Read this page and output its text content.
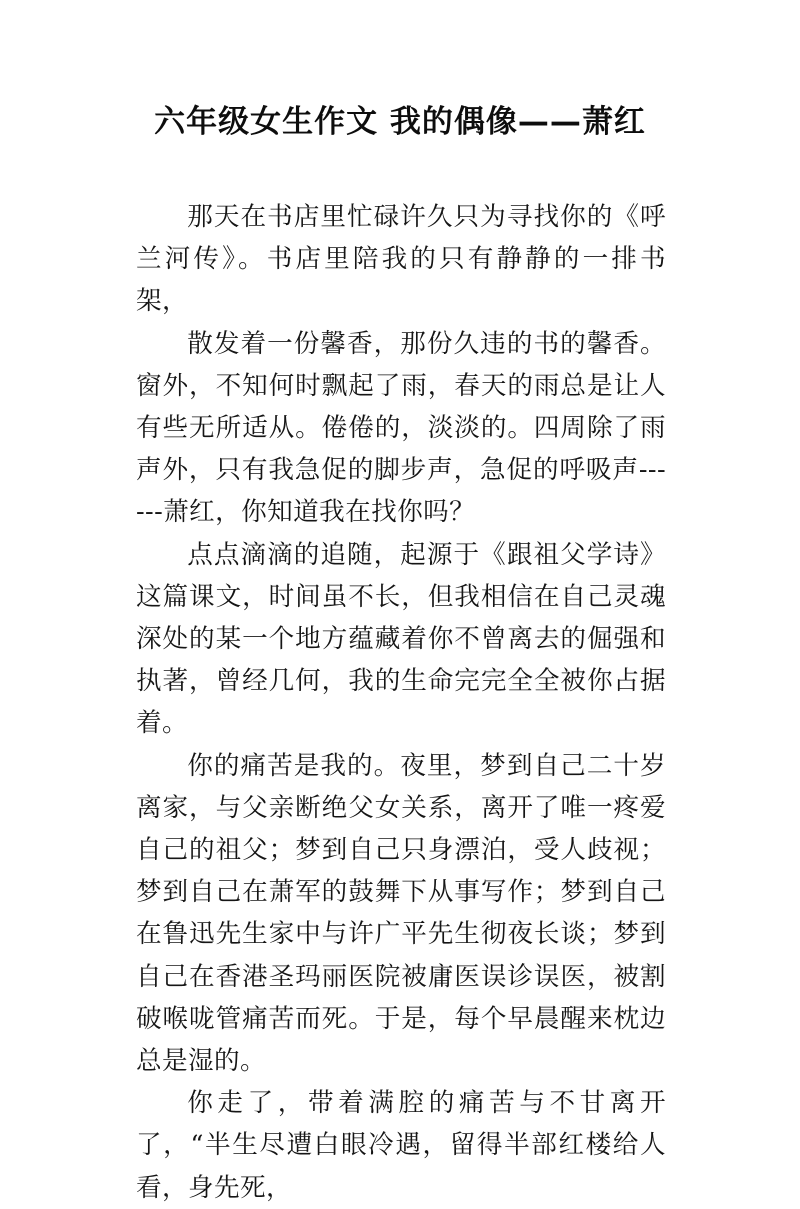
六年级女生作文 我的偶像——萧红

那天在书店里忙碌许久只为寻找你的《呼兰河传》。书店里陪我的只有静静的一排书架，

散发着一份馨香，那份久违的书的馨香。窗外，不知何时飘起了雨，春天的雨总是让人有些无所适从。倦倦的，淡淡的。四周除了雨声外，只有我急促的脚步声，急促的呼吸声------萧红，你知道我在找你吗？

点点滴滴的追随，起源于《跟祖父学诗》这篇课文，时间虽不长，但我相信在自己灵魂深处的某一个地方蕴藏着你不曾离去的倔强和执著，曾经几何，我的生命完完全全被你占据着。

你的痛苦是我的。夜里，梦到自己二十岁离家，与父亲断绝父女关系，离开了唯一疼爱自己的祖父；梦到自己只身漂泊，受人歧视；梦到自己在萧军的鼓舞下从事写作；梦到自己在鲁迅先生家中与许广平先生彻夜长谈；梦到自己在香港圣玛丽医院被庸医误诊误医，被割破喉咙管痛苦而死。于是，每个早晨醒来枕边总是湿的。

你走了，带着满腔的痛苦与不甘离开了，“半生尽遭白眼冷遇，留得半部红楼给人看，身先死，
